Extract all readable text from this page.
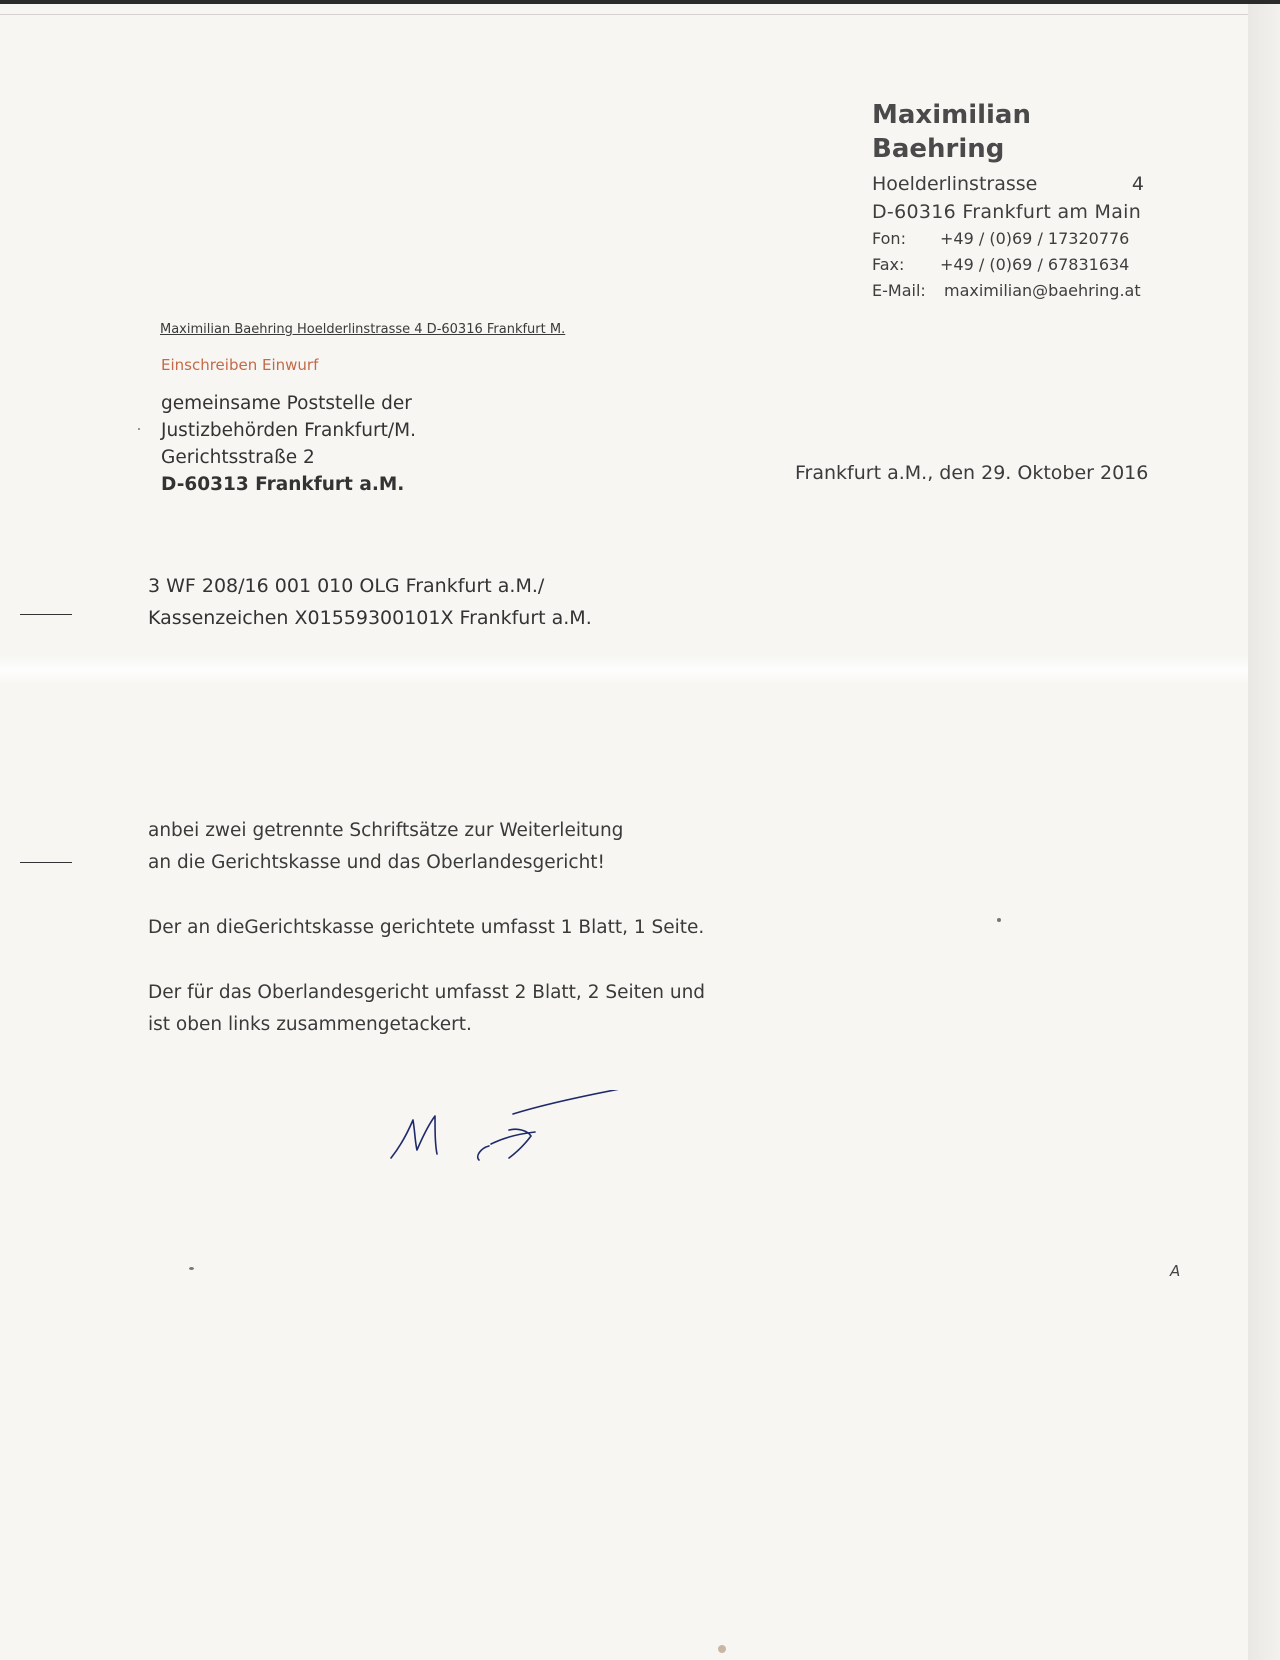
Maximilian Baehring
Hoelderlinstrasse	4
D-60316 Frankfurt am Main
Fon:	+49 / (0)69 / 17320776
Fax:	+49 / (0)69 / 67831634
E-Mail:	maximilian@baehring.at
Maximilian Baehring Hoelderlinstrasse 4 D-60316 Frankfurt M.
Einschreiben Einwurf
gemeinsame Poststelle der
Justizbehörden Frankfurt/M.
Gerichtsstraße 2
D-60313 Frankfurt a.M.
Frankfurt a.M., den 29. Oktober 2016
3 WF 208/16 001 010 OLG Frankfurt a.M./
Kassenzeichen X01559300101X Frankfurt a.M.
anbei zwei getrennte Schriftsätze zur Weiterleitung
an die Gerichtskasse und das Oberlandesgericht!
Der an dieGerichtskasse gerichtete umfasst 1 Blatt, 1 Seite.
Der für das Oberlandesgericht umfasst 2 Blatt, 2 Seiten und
ist oben links zusammengetackert.
A
